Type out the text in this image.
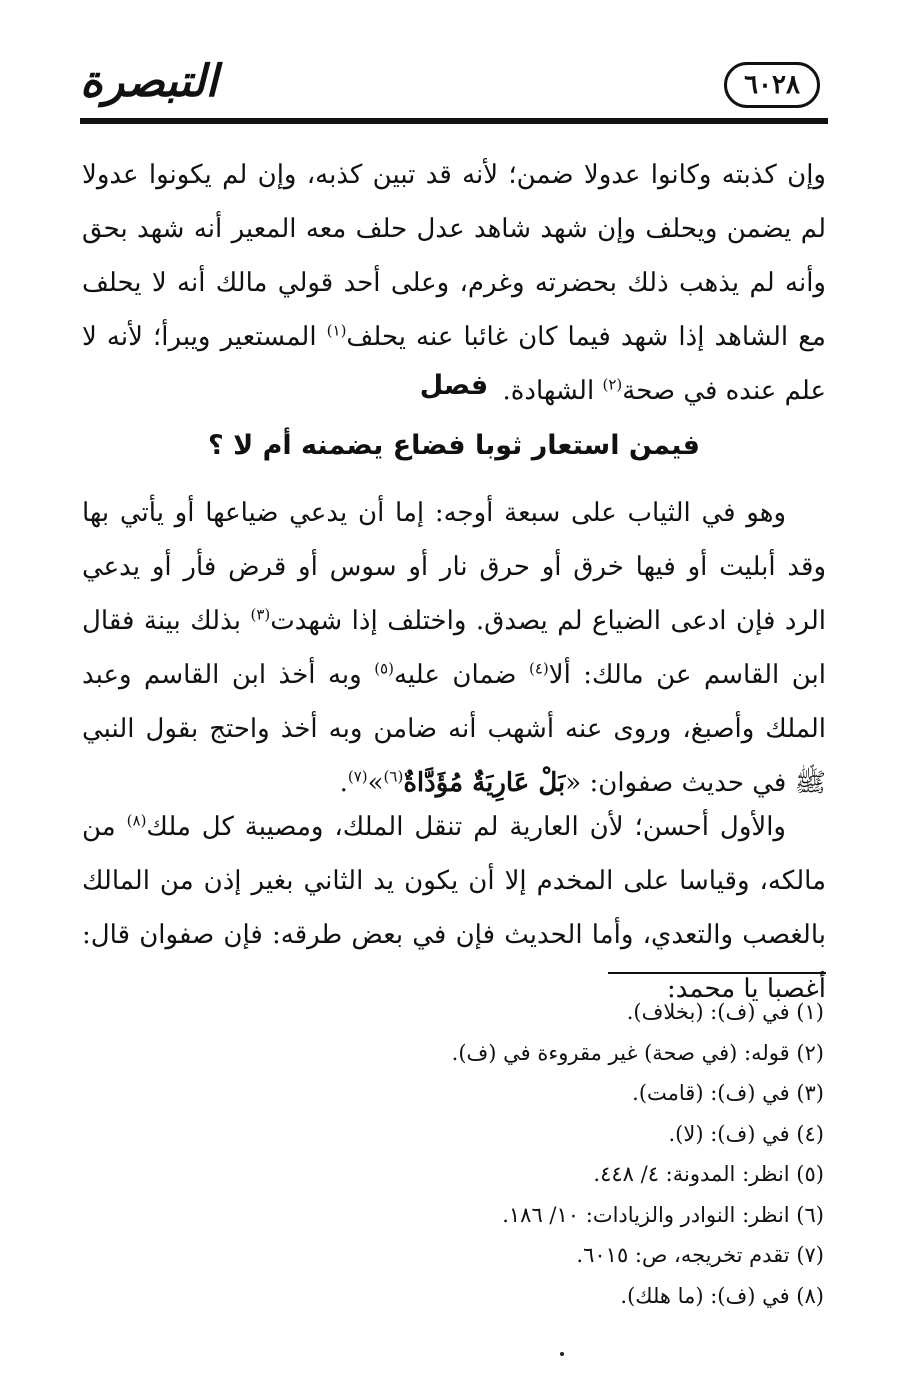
التبصرة	٦٠٢٨
وإن كذبته وكانوا عدولا ضمن؛ لأنه قد تبين كذبه، وإن لم يكونوا عدولا لم يضمن ويحلف وإن شهد شاهد عدل حلف معه المعير أنه شهد بحق وأنه لم يذهب ذلك بحضرته وغرم، وعلى أحد قولي مالك أنه لا يحلف مع الشاهد إذا شهد فيما كان غائبا عنه يحلف$^{(١)}$ المستعير ويبرأ؛ لأنه لا علم عنده في صحة$^{(٢)}$ الشهادة.
فصل
فيمن استعار ثوبا فضاع يضمنه أم لا ؟
وهو في الثياب على سبعة أوجه: إما أن يدعي ضياعها أو يأتي بها وقد أبليت أو فيها خرق أو حرق نار أو سوس أو قرض فأر أو يدعي الرد فإن ادعى الضياع لم يصدق. واختلف إذا شهدت$^{(٣)}$ بذلك بينة فقال ابن القاسم عن مالك: ألا$^{(٤)}$ ضمان عليه$^{(٥)}$ وبه أخذ ابن القاسم وعبد الملك وأصبغ، وروى عنه أشهب أنه ضامن وبه أخذ واحتج بقول النبي ﷺ في حديث صفوان: «بَلْ عَارِيَةٌ مُؤَدَّاةٌ$^{(٦)}$»$^{(٧)}$.
والأول أحسن؛ لأن العارية لم تنقل الملك، ومصيبة كل ملك$^{(٨)}$ من مالكه، وقياسا على المخدم إلا أن يكون يد الثاني بغير إذن من المالك بالغصب والتعدي، وأما الحديث فإن في بعض طرقه: فإن صفوان قال: أغصبا يا محمد:
(١) في (ف): (بخلاف).
(٢) قوله: (في صحة) غير مقروءة في (ف).
(٣) في (ف): (قامت).
(٤) في (ف): (لا).
(٥) انظر: المدونة: ٤/ ٤٤٨.
(٦) انظر: النوادر والزيادات: ١٠/ ١٨٦.
(٧) تقدم تخريجه، ص: ٦٠١٥.
(٨) في (ف): (ما هلك).
